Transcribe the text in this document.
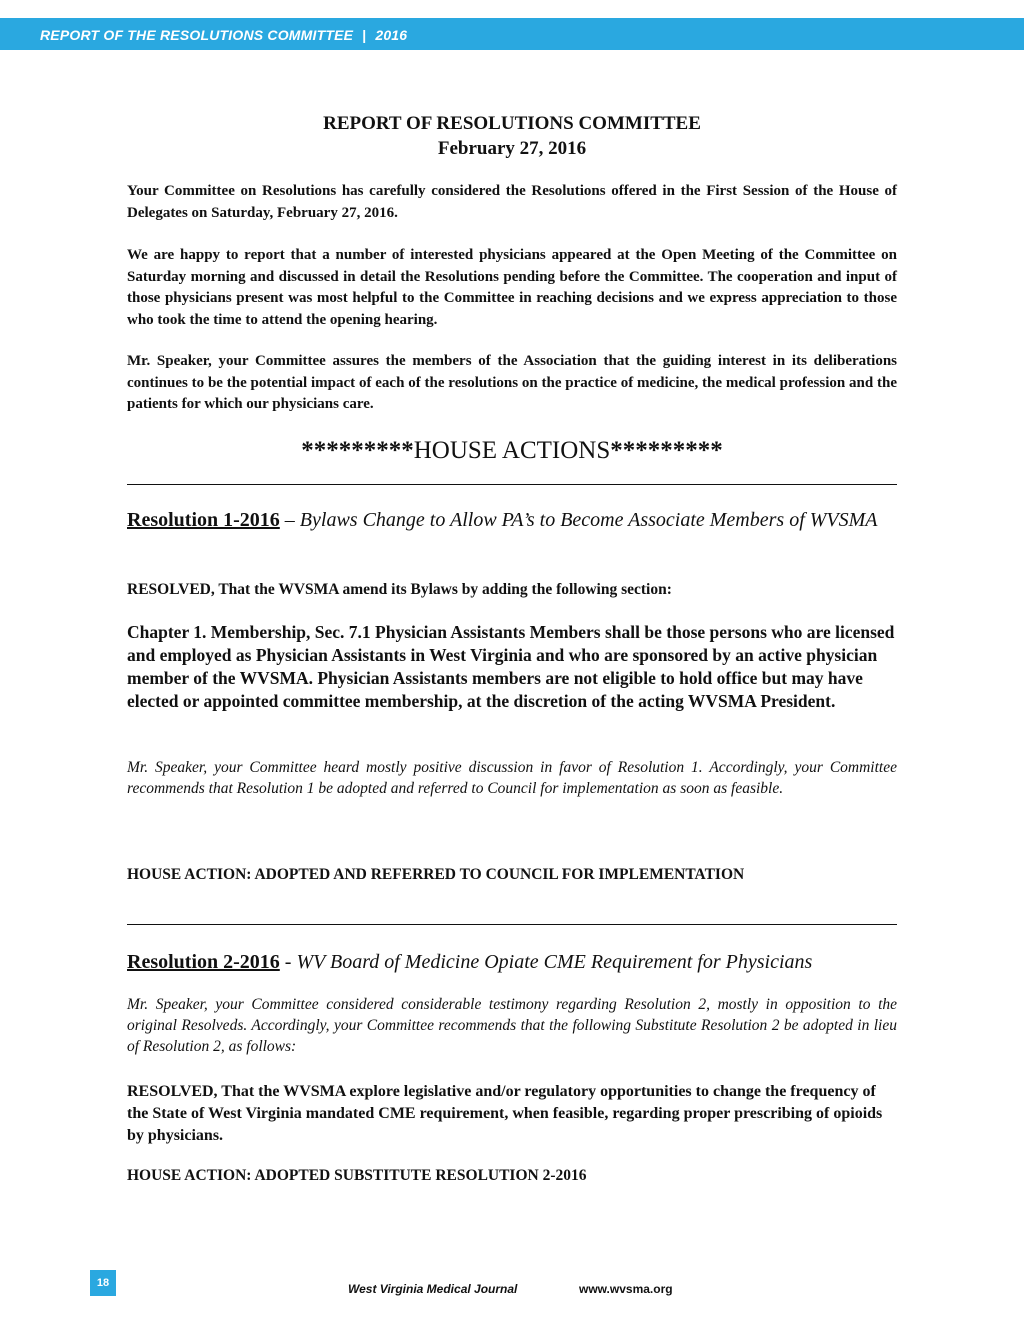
REPORT OF THE RESOLUTIONS COMMITTEE | 2016

REPORT OF RESOLUTIONS COMMITTEE

February 27, 2016

Your Committee on Resolutions has carefully considered the Resolutions offered in the First Session of the House of Delegates on Saturday, February 27, 2016.

We are happy to report that a number of interested physicians appeared at the Open Meeting of the Committee on Saturday morning and discussed in detail the Resolutions pending before the Committee. The cooperation and input of those physicians present was most helpful to the Committee in reaching decisions and we express appreciation to those who took the time to attend the opening hearing.

Mr. Speaker, your Committee assures the members of the Association that the guiding interest in its deliberations continues to be the potential impact of each of the resolutions on the practice of medicine, the medical profession and the patients for which our physicians care.

*********HOUSE ACTIONS*********

Resolution 1-2016 – Bylaws Change to Allow PA’s to Become Associate Members of WVSMA

RESOLVED, That the WVSMA amend its Bylaws by adding the following section:

Chapter 1. Membership, Sec. 7.1 Physician Assistants Members shall be those persons who are licensed and employed as Physician Assistants in West Virginia and who are sponsored by an active physician member of the WVSMA. Physician Assistants members are not eligible to hold office but may have elected or appointed committee membership, at the discretion of the acting WVSMA President.

Mr. Speaker, your Committee heard mostly positive discussion in favor of Resolution 1. Accordingly, your Committee recommends that Resolution 1 be adopted and referred to Council for implementation as soon as feasible.

HOUSE ACTION: ADOPTED AND REFERRED TO COUNCIL FOR IMPLEMENTATION

Resolution 2-2016 - WV Board of Medicine Opiate CME Requirement for Physicians

Mr. Speaker, your Committee considered considerable testimony regarding Resolution 2, mostly in opposition to the original Resolveds. Accordingly, your Committee recommends that the following Substitute Resolution 2 be adopted in lieu of Resolution 2, as follows:

RESOLVED, That the WVSMA explore legislative and/or regulatory opportunities to change the frequency of the State of West Virginia mandated CME requirement, when feasible, regarding proper prescribing of opioids by physicians.

HOUSE ACTION: ADOPTED SUBSTITUTE RESOLUTION 2-2016

18	West Virginia Medical Journal	www.wvsma.org
